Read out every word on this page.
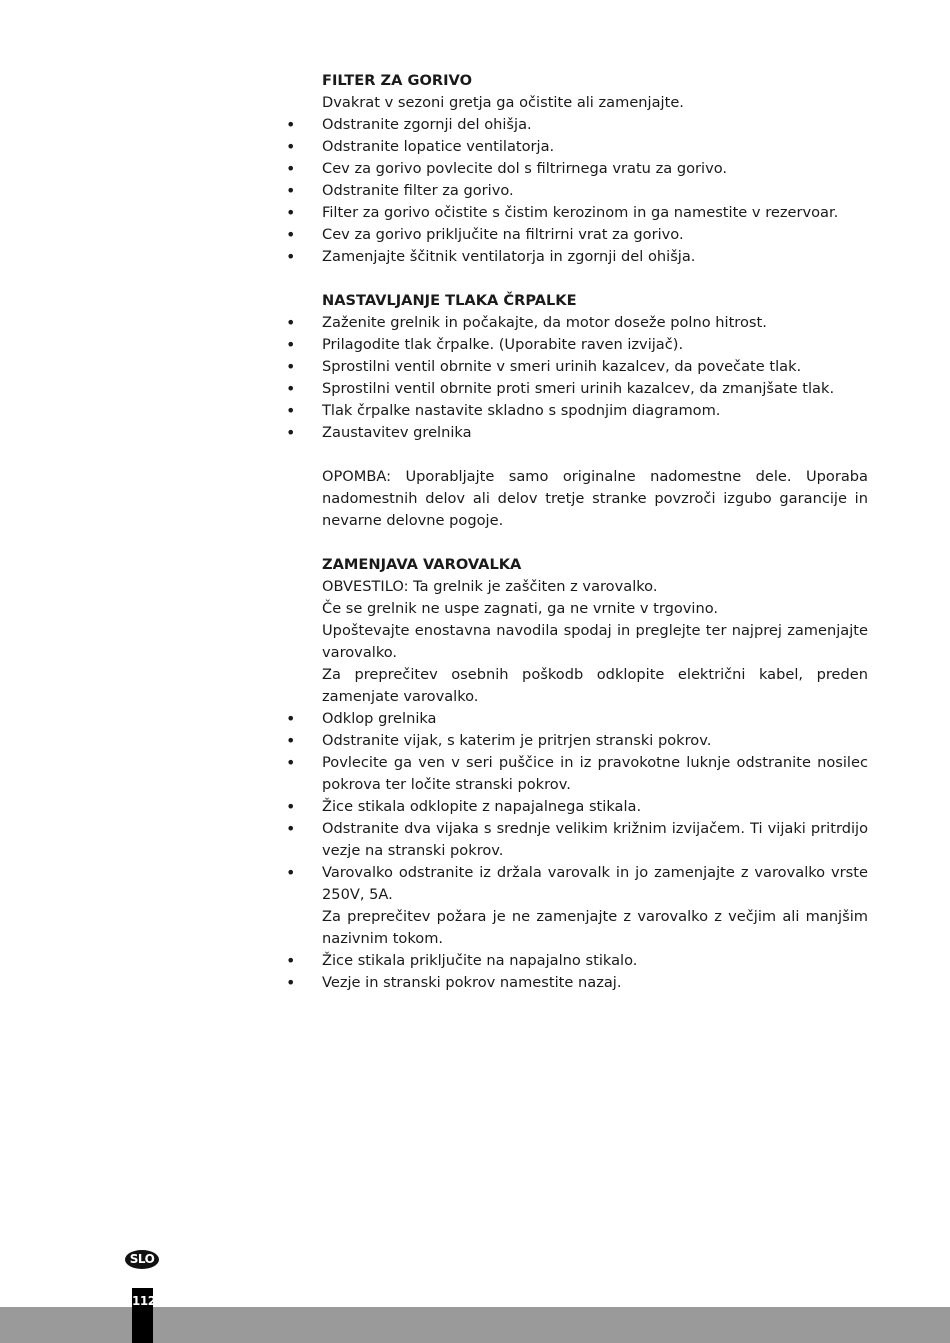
FILTER ZA GORIVO
Dvakrat v sezoni gretja ga očistite ali zamenjajte.
• Odstranite zgornji del ohišja.
• Odstranite lopatice ventilatorja.
• Cev za gorivo povlecite dol s filtrirnega vratu za gorivo.
• Odstranite filter za gorivo.
• Filter za gorivo očistite s čistim kerozinom in ga namestite v rezervoar.
• Cev za gorivo priključite na filtrirni vrat za gorivo.
• Zamenjajte ščitnik ventilatorja in zgornji del ohišja.
NASTAVLJANJE TLAKA ČRPALKE
• Zaženite grelnik in počakajte, da motor doseže polno hitrost.
• Prilagodite tlak črpalke. (Uporabite raven izvijač).
• Sprostilni ventil obrnite v smeri urinih kazalcev, da povečate tlak.
• Sprostilni ventil obrnite proti smeri urinih kazalcev, da zmanjšate tlak.
• Tlak črpalke nastavite skladno s spodnjim diagramom.
• Zaustavitev grelnika
OPOMBA: Uporabljajte samo originalne nadomestne dele. Uporaba nadomestnih delov ali delov tretje stranke povzroči izgubo garancije in nevarne delovne pogoje.
ZAMENJAVA VAROVALKA
OBVESTILO: Ta grelnik je zaščiten z varovalko.
Če se grelnik ne uspe zagnati, ga ne vrnite v trgovino.
Upoštevajte enostavna navodila spodaj in preglejte ter najprej zamenjajte varovalko.
Za preprečitev osebnih poškodb odklopite električni kabel, preden zamenjate varovalko.
• Odklop grelnika
• Odstranite vijak, s katerim je pritrjen stranski pokrov.
• Povlecite ga ven v seri puščice in iz pravokotne luknje odstranite nosilec pokrova ter ločite stranski pokrov.
• Žice stikala odklopite z napajalnega stikala.
• Odstranite dva vijaka s srednje velikim križnim izvijačem. Ti vijaki pritrdijo vezje na stranski pokrov.
• Varovalko odstranite iz držala varovalk in jo zamenjajte z varovalko vrste 250V, 5A.
Za preprečitev požara je ne zamenjajte z varovalko z večjim ali manjšim nazivnim tokom.
• Žice stikala priključite na napajalno stikalo.
• Vezje in stranski pokrov namestite nazaj.
SLO
112
